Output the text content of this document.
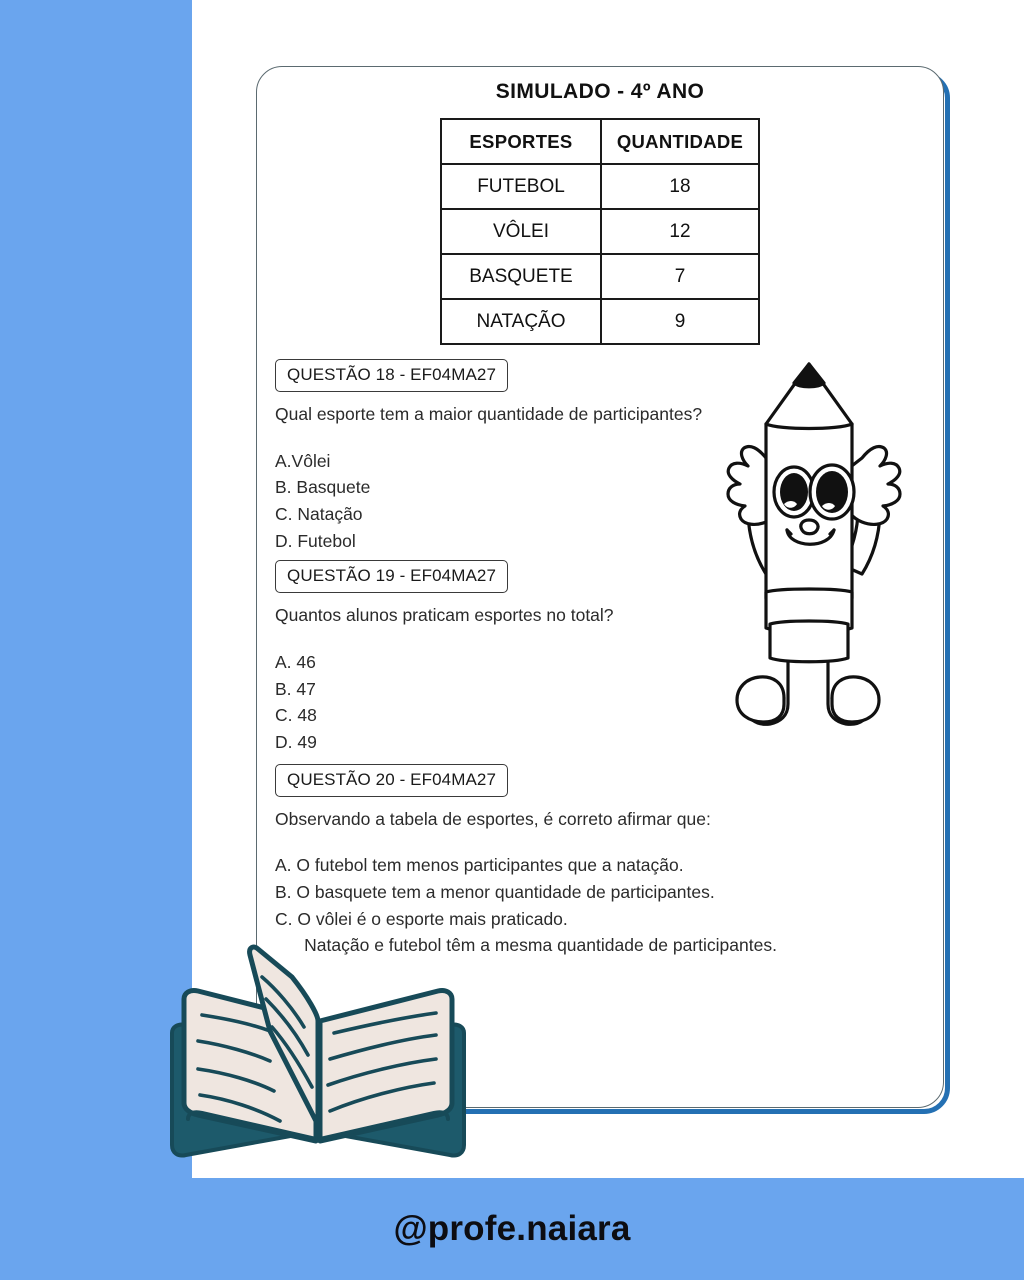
SIMULADO - 4º ANO
ESPORTES	QUANTIDADE
FUTEBOL	18
VÔLEI	12
BASQUETE	7
NATAÇÃO	9
QUESTÃO 18 - EF04MA27
Qual esporte tem a maior quantidade de participantes?
A.Vôlei
B. Basquete
C. Natação
D. Futebol
QUESTÃO 19 - EF04MA27
Quantos alunos praticam esportes no total?
A. 46
B. 47
C. 48
D. 49
QUESTÃO 20 - EF04MA27
Observando a tabela de esportes, é correto afirmar que:
A. O futebol tem menos participantes que a natação.
B. O basquete tem a menor quantidade de participantes.
C. O vôlei é o esporte mais praticado.
Natação e futebol têm a mesma quantidade de participantes.
@profe.naiara
